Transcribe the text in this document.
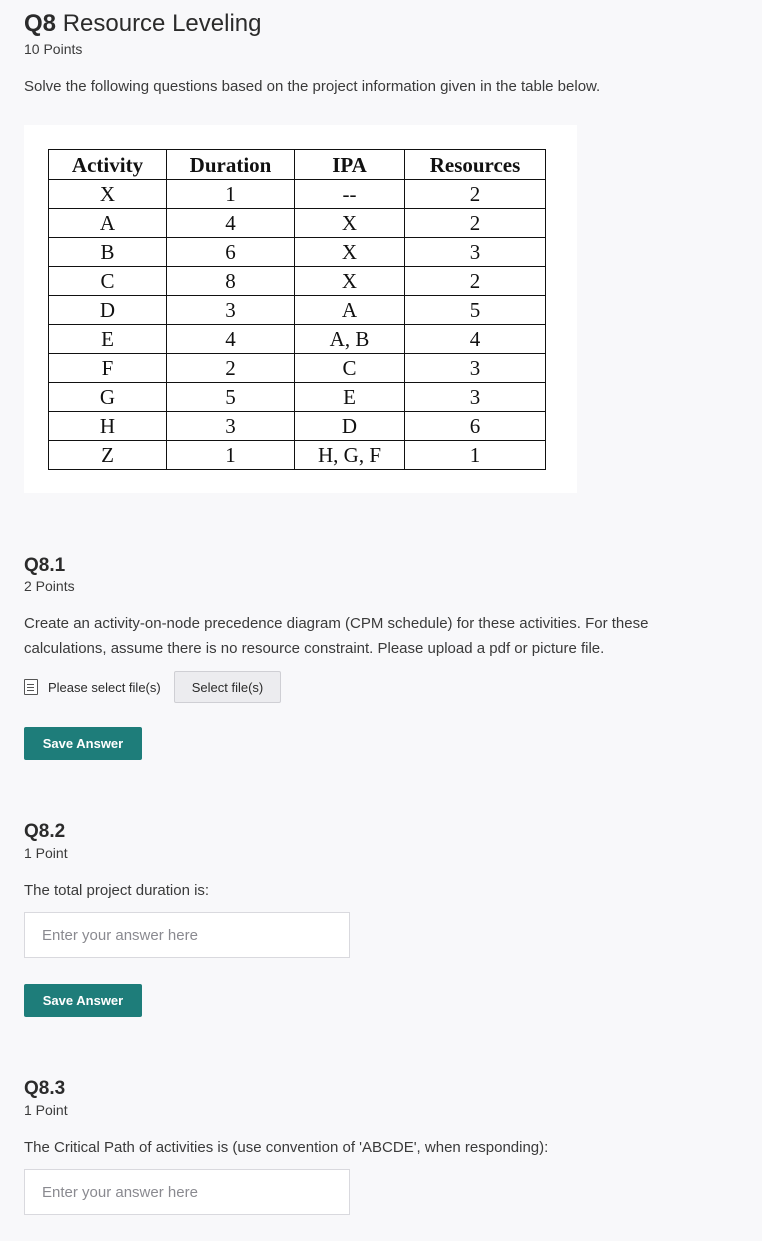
Q8 Resource Leveling
10 Points
Solve the following questions based on the project information given in the table below.
Activity	Duration	IPA	Resources
X	1	--	2
A	4	X	2
B	6	X	3
C	8	X	2
D	3	A	5
E	4	A, B	4
F	2	C	3
G	5	E	3
H	3	D	6
Z	1	H, G, F	1
Q8.1
2 Points
Create an activity-on-node precedence diagram (CPM schedule) for these activities. For these calculations, assume there is no resource constraint. Please upload a pdf or picture file.
Please select file(s)	Select file(s)
Save Answer
Q8.2
1 Point
The total project duration is:
Enter your answer here
Save Answer
Q8.3
1 Point
The Critical Path of activities is (use convention of 'ABCDE', when responding):
Enter your answer here
